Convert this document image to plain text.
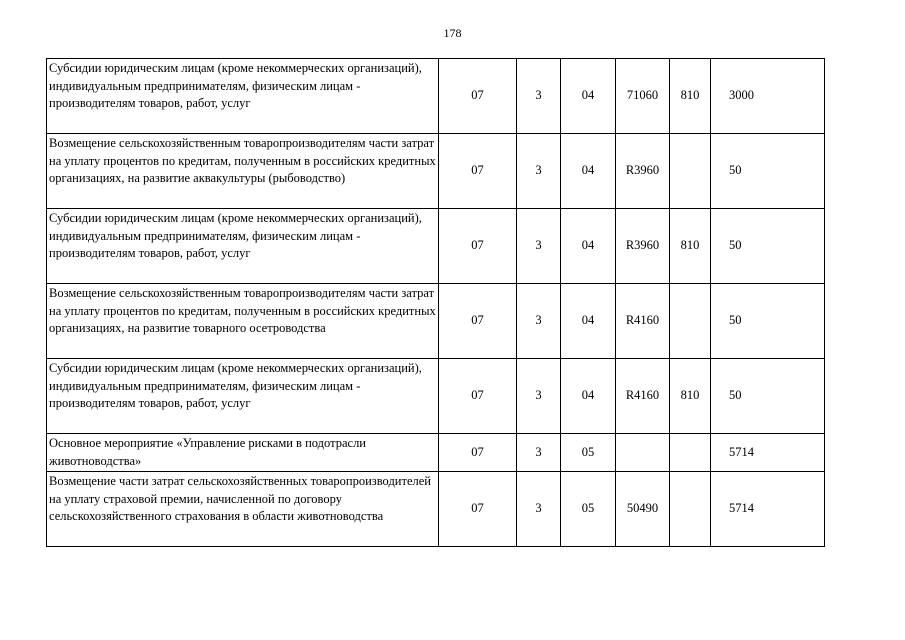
178
Субсидии юридическим лицам (кроме некоммерческих организаций), индивидуальным предпринимателям, физическим лицам - производителям товаров, работ, услуг	07	3	04	71060	810	3000
Возмещение сельскохозяйственным товаропроизводителям части затрат на уплату процентов по кредитам, полученным в российских кредитных организациях, на развитие аквакультуры (рыбоводство)	07	3	04	R3960		50
Субсидии юридическим лицам (кроме некоммерческих организаций), индивидуальным предпринимателям, физическим лицам - производителям товаров, работ, услуг	07	3	04	R3960	810	50
Возмещение сельскохозяйственным товаропроизводителям части затрат на уплату процентов по кредитам, полученным в российских кредитных организациях, на развитие товарного осетроводства	07	3	04	R4160		50
Субсидии юридическим лицам (кроме некоммерческих организаций), индивидуальным предпринимателям, физическим лицам - производителям товаров, работ, услуг	07	3	04	R4160	810	50
Основное мероприятие «Управление рисками в подотрасли животноводства»	07	3	05			5714
Возмещение части затрат сельскохозяйственных товаропроизводителей на уплату страховой премии, начисленной по договору сельскохозяйственного страхования в области животноводства	07	3	05	50490		5714
